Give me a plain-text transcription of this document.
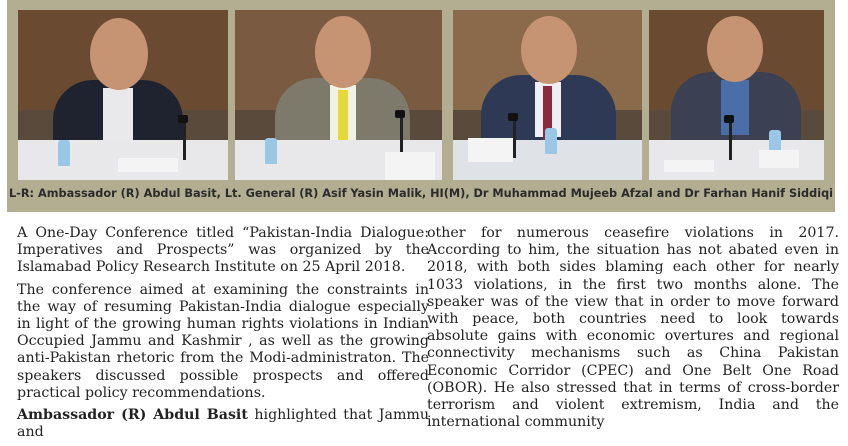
L-R: Ambassador (R) Abdul Basit, Lt. General (R) Asif Yasin Malik, HI(M), Dr Muhammad Mujeeb Afzal and Dr Farhan Hanif Siddiqi

A One-Day Conference titled “Pakistan-India Dialogue: Imperatives and Prospects” was organized by the Islamabad Policy Research Institute on 25 April 2018.

The conference aimed at examining the constraints in the way of resuming Pakistan-India dialogue especially in light of the growing human rights violations in Indian Occupied Jammu and Kashmir , as well as the growing anti-Pakistan rhetoric from the Modi-administraton. The speakers discussed possible prospects and offered practical policy recommendations.

Ambassador (R) Abdul Basit highlighted that Jammu and

other for numerous ceasefire violations in 2017. According to him, the situation has not abated even in 2018, with both sides blaming each other for nearly 1033 violations, in the first two months alone. The speaker was of the view that in order to move forward with peace, both countries need to look towards absolute gains with economic overtures and regional connectivity mechanisms such as China Pakistan Economic Corridor (CPEC) and One Belt One Road (OBOR). He also stressed that in terms of cross-border terrorism and violent extremism, India and the international community
